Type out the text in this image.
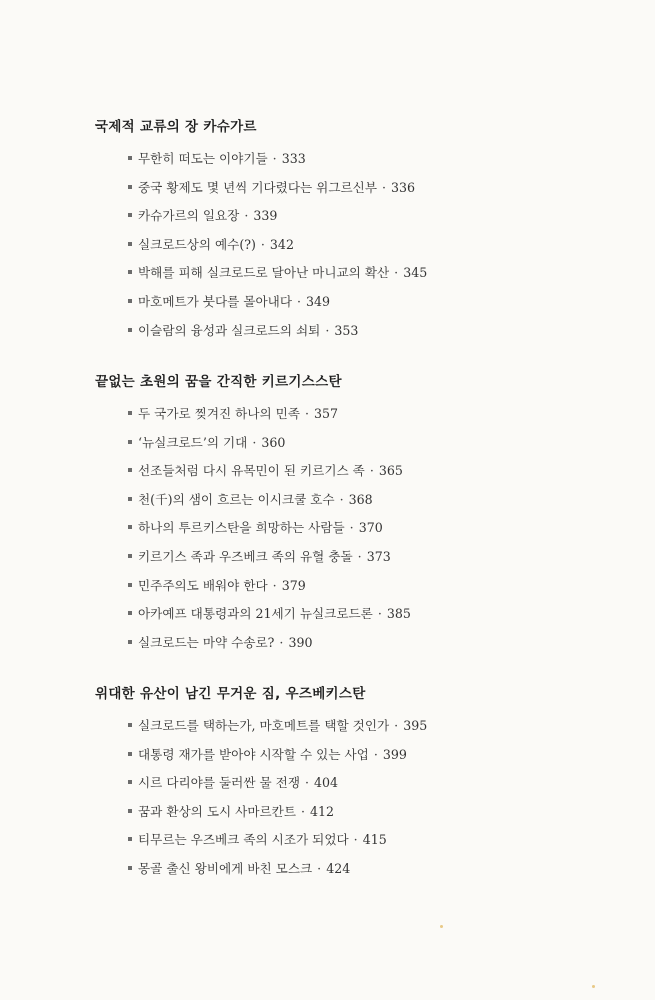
국제적 교류의 장 카슈가르
무한히 떠도는 이야기들 · 333
중국 황제도 몇 년씩 기다렸다는 위그르신부 · 336
카슈가르의 일요장 · 339
실크로드상의 예수(?) · 342
박해를 피해 실크로드로 달아난 마니교의 확산 · 345
마호메트가 붓다를 몰아내다 · 349
이슬람의 융성과 실크로드의 쇠퇴 · 353
끝없는 초원의 꿈을 간직한 키르기스스탄
두 국가로 찢겨진 하나의 민족 · 357
‘뉴실크로드’의 기대 · 360
선조들처럼 다시 유목민이 된 키르기스 족 · 365
천(千)의 샘이 흐르는 이시크쿨 호수 · 368
하나의 투르키스탄을 희망하는 사람들 · 370
키르기스 족과 우즈베크 족의 유혈 충돌 · 373
민주주의도 배워야 한다 · 379
아카예프 대통령과의 21세기 뉴실크로드론 · 385
실크로드는 마약 수송로? · 390
위대한 유산이 남긴 무거운 짐, 우즈베키스탄
실크로드를 택하는가, 마호메트를 택할 것인가 · 395
대통령 재가를 받아야 시작할 수 있는 사업 · 399
시르 다리야를 둘러싼 물 전쟁 · 404
꿈과 환상의 도시 사마르칸트 · 412
티무르는 우즈베크 족의 시조가 되었다 · 415
몽골 출신 왕비에게 바친 모스크 · 424
